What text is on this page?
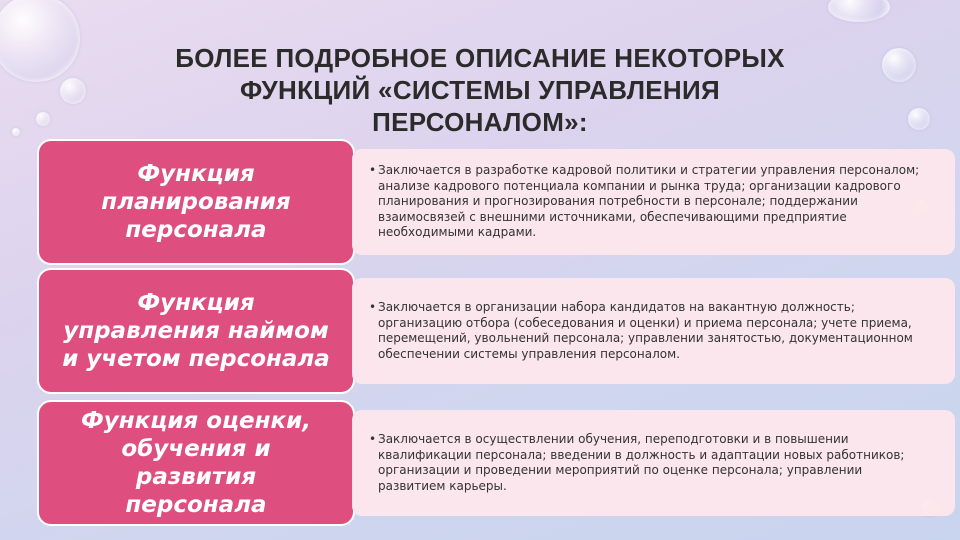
БОЛЕЕ ПОДРОБНОЕ ОПИСАНИЕ НЕКОТОРЫХ
ФУНКЦИЙ «СИСТЕМЫ УПРАВЛЕНИЯ
ПЕРСОНАЛОМ»:
Функция планирования персонала
• Заключается в разработке кадровой политики и стратегии управления персоналом; анализе кадрового потенциала компании и рынка труда; организации кадрового планирования и прогнозирования потребности в персонале; поддержании взаимосвязей с внешними источниками, обеспечивающими предприятие необходимыми кадрами.
Функция управления наймом и учетом персонала
• Заключается в организации набора кандидатов на вакантную должность; организацию отбора (собеседования и оценки) и приема персонала; учете приема, перемещений, увольнений персонала; управлении занятостью, документационном обеспечении системы управления персоналом.
Функция оценки, обучения и развития персонала
• Заключается в осуществлении обучения, переподготовки и в повышении квалификации персонала; введении в должность и адаптации новых работников; организации и проведении мероприятий по оценке персонала; управлении развитием карьеры.
